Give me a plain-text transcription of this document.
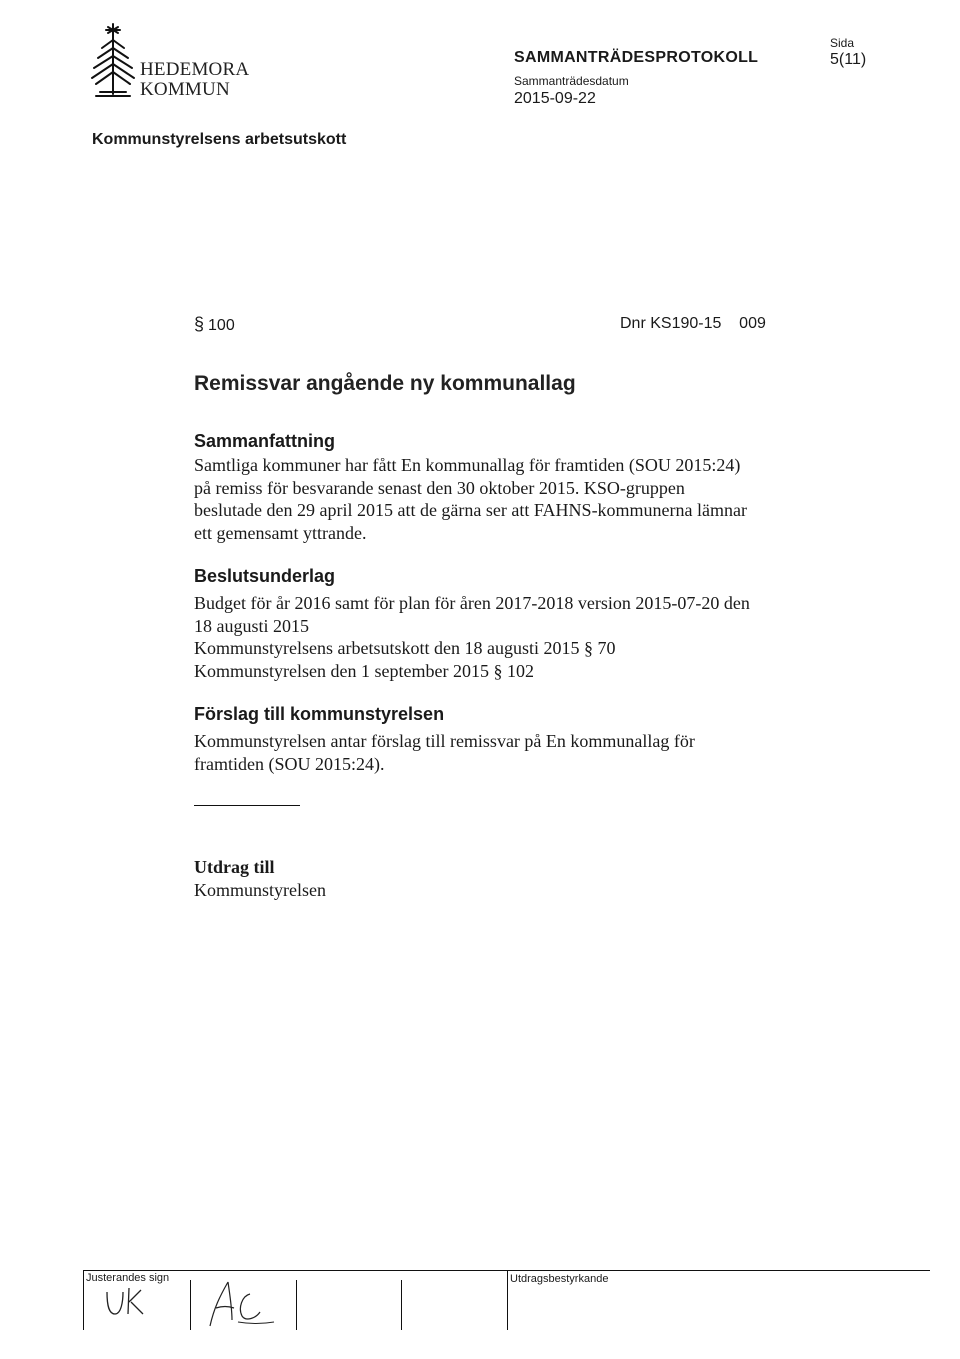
HEDEMORA
KOMMUN
SAMMANTRÄDESPROTOKOLL
Sammanträdesdatum
2015-09-22
Sida
5(11)
Kommunstyrelsens arbetsutskott
§ 100	Dnr KS190-15    009
Remissvar angående ny kommunallag
Sammanfattning
Samtliga kommuner har fått En kommunallag för framtiden (SOU 2015:24)
på remiss för besvarande senast den 30 oktober 2015. KSO-gruppen
beslutade den 29 april 2015 att de gärna ser att FAHNS-kommunerna lämnar
ett gemensamt yttrande.
Beslutsunderlag
Budget för år 2016 samt för plan för åren 2017-2018 version 2015-07-20 den
18 augusti 2015
Kommunstyrelsens arbetsutskott den 18 augusti 2015 § 70
Kommunstyrelsen den 1 september 2015 § 102
Förslag till kommunstyrelsen
Kommunstyrelsen antar förslag till remissvar på En kommunallag för
framtiden (SOU 2015:24).
Utdrag till
Kommunstyrelsen
Justerandes sign	Utdragsbestyrkande
